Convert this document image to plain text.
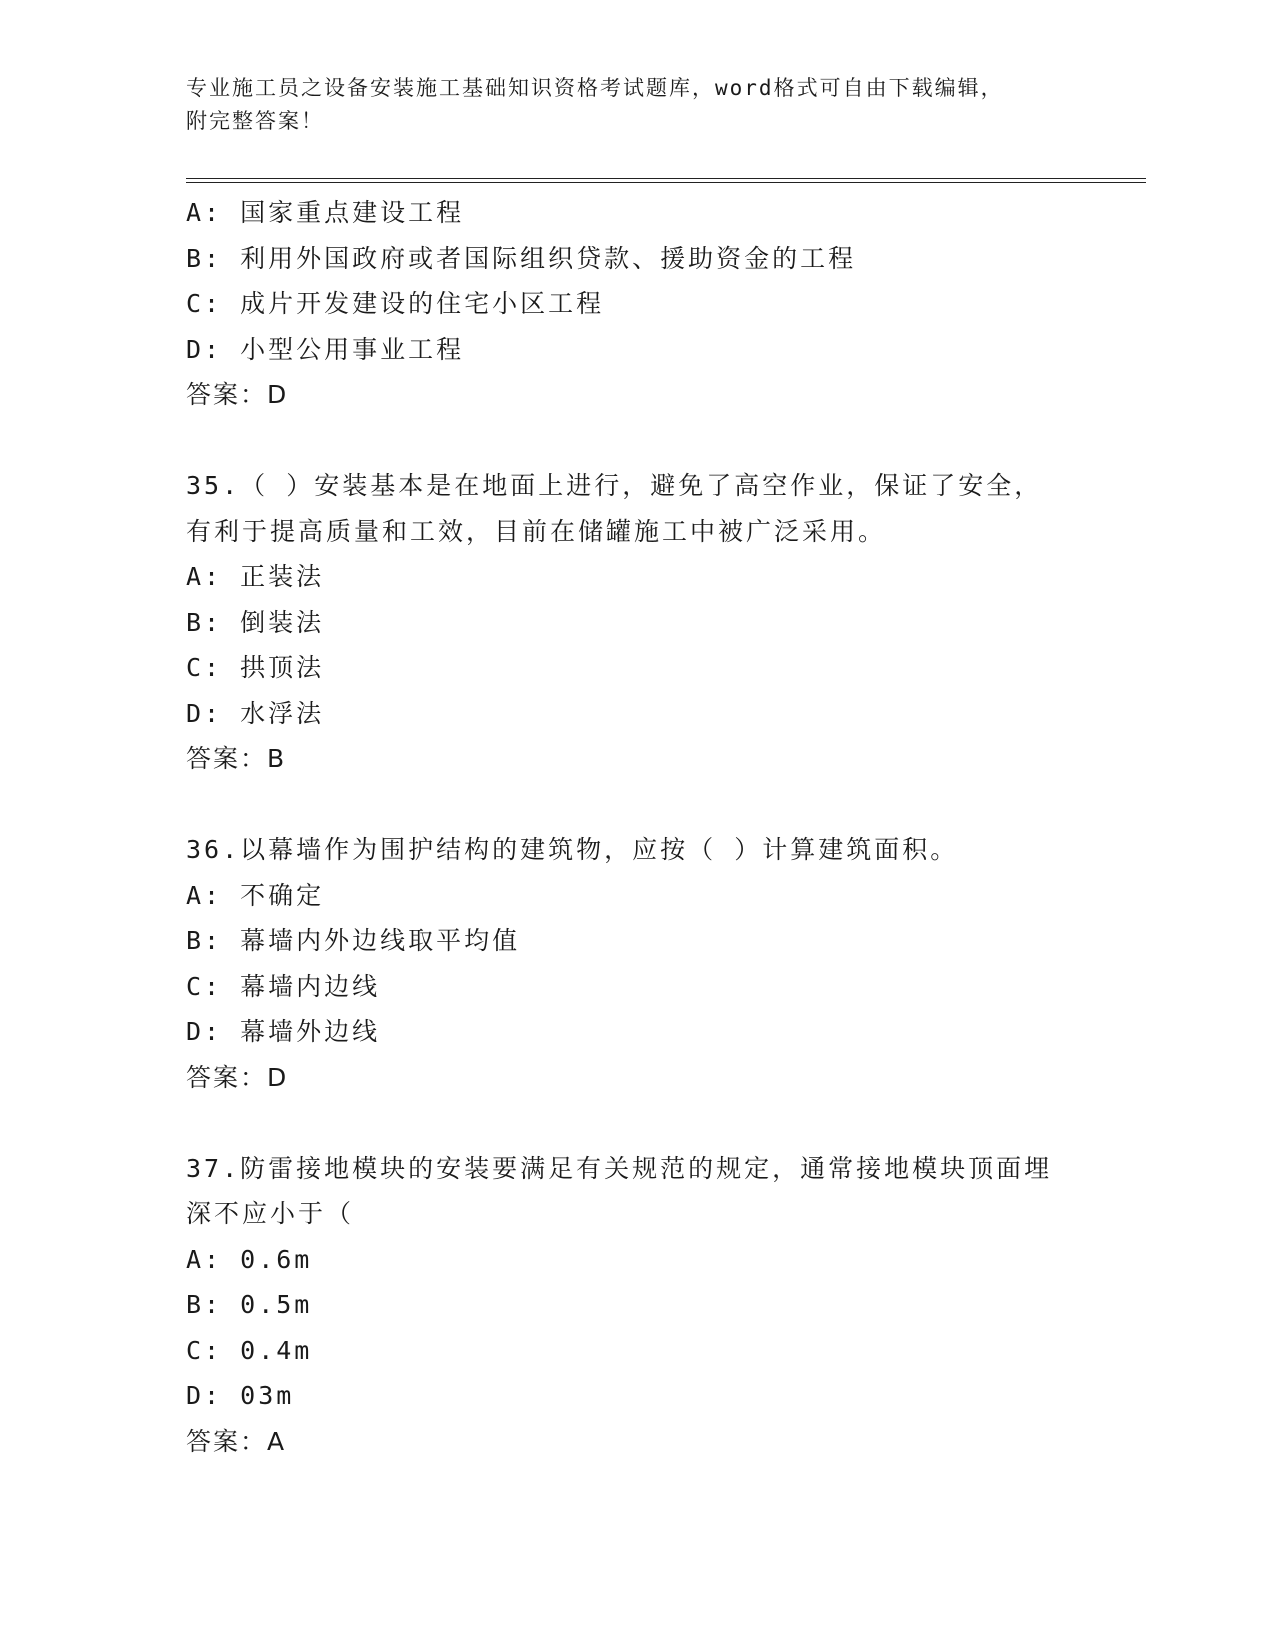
专业施工员之设备安装施工基础知识资格考试题库，word格式可自由下载编辑，
附完整答案！
A: 国家重点建设工程
B: 利用外国政府或者国际组织贷款、援助资金的工程
C: 成片开发建设的住宅小区工程
D: 小型公用事业工程
答案：D
35.（ ）安装基本是在地面上进行，避免了高空作业，保证了安全，
有利于提高质量和工效，目前在储罐施工中被广泛采用。
A: 正装法
B: 倒装法
C: 拱顶法
D: 水浮法
答案：B
36.以幕墙作为围护结构的建筑物，应按（ ）计算建筑面积。
A: 不确定
B: 幕墙内外边线取平均值
C: 幕墙内边线
D: 幕墙外边线
答案：D
37.防雷接地模块的安装要满足有关规范的规定，通常接地模块顶面埋
深不应小于（
A: 0.6m
B: 0.5m
C: 0.4m
D: 03m
答案：A
